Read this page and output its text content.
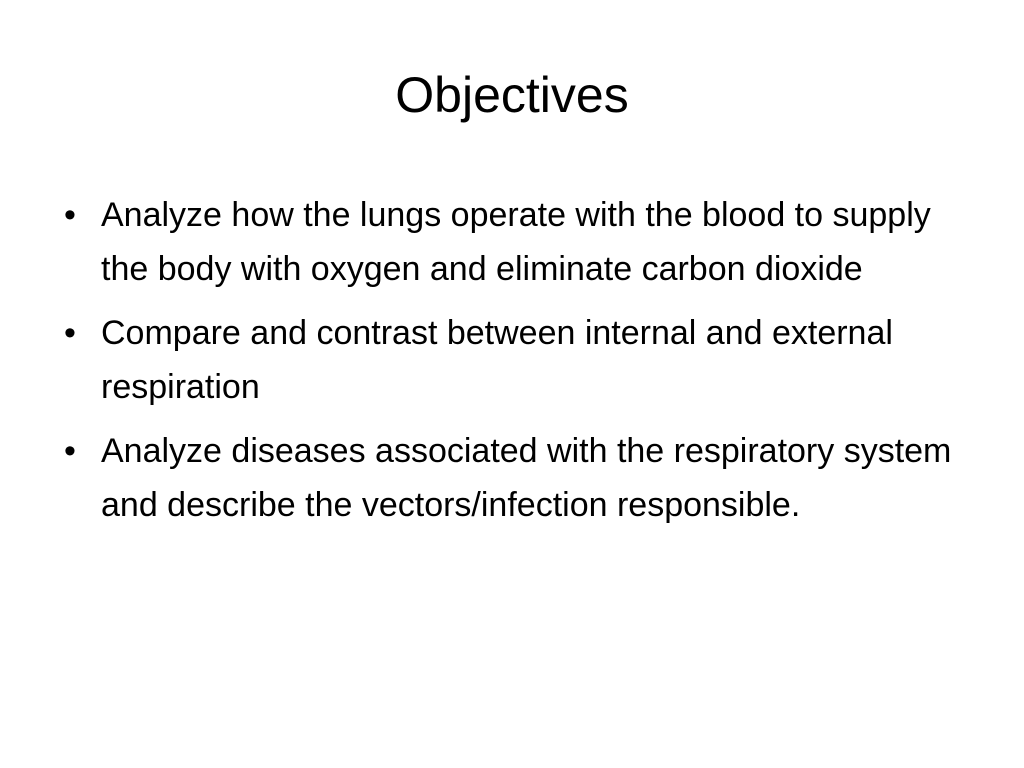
Objectives
• Analyze how the lungs operate with the blood to supply the body with oxygen and eliminate carbon dioxide
• Compare and contrast between internal and external respiration
• Analyze diseases associated with the respiratory system and describe the vectors/infection responsible.
